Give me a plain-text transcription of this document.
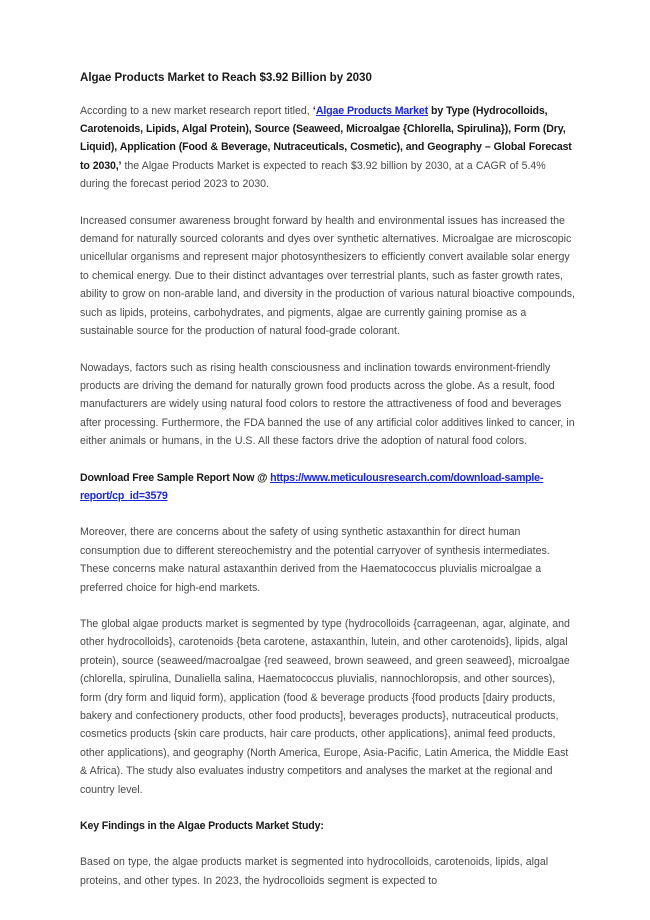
Algae Products Market to Reach $3.92 Billion by 2030

According to a new market research report titled, ‘Algae Products Market by Type (Hydrocolloids, Carotenoids, Lipids, Algal Protein), Source (Seaweed, Microalgae {Chlorella, Spirulina}), Form (Dry, Liquid), Application (Food & Beverage, Nutraceuticals, Cosmetic), and Geography – Global Forecast to 2030,’ the Algae Products Market is expected to reach $3.92 billion by 2030, at a CAGR of 5.4% during the forecast period 2023 to 2030.

Increased consumer awareness brought forward by health and environmental issues has increased the demand for naturally sourced colorants and dyes over synthetic alternatives. Microalgae are microscopic unicellular organisms and represent major photosynthesizers to efficiently convert available solar energy to chemical energy. Due to their distinct advantages over terrestrial plants, such as faster growth rates, ability to grow on non-arable land, and diversity in the production of various natural bioactive compounds, such as lipids, proteins, carbohydrates, and pigments, algae are currently gaining promise as a sustainable source for the production of natural food-grade colorant.

Nowadays, factors such as rising health consciousness and inclination towards environment-friendly products are driving the demand for naturally grown food products across the globe. As a result, food manufacturers are widely using natural food colors to restore the attractiveness of food and beverages after processing. Furthermore, the FDA banned the use of any artificial color additives linked to cancer, in either animals or humans, in the U.S. All these factors drive the adoption of natural food colors.

Download Free Sample Report Now @ https://www.meticulousresearch.com/download-sample-report/cp_id=3579

Moreover, there are concerns about the safety of using synthetic astaxanthin for direct human consumption due to different stereochemistry and the potential carryover of synthesis intermediates. These concerns make natural astaxanthin derived from the Haematococcus pluvialis microalgae a preferred choice for high-end markets.

The global algae products market is segmented by type (hydrocolloids {carrageenan, agar, alginate, and other hydrocolloids}, carotenoids {beta carotene, astaxanthin, lutein, and other carotenoids}, lipids, algal protein), source (seaweed/macroalgae {red seaweed, brown seaweed, and green seaweed}, microalgae (chlorella, spirulina, Dunaliella salina, Haematococcus pluvialis, nannochloropsis, and other sources), form (dry form and liquid form), application (food & beverage products {food products [dairy products, bakery and confectionery products, other food products], beverages products}, nutraceutical products, cosmetics products {skin care products, hair care products, other applications}, animal feed products, other applications), and geography (North America, Europe, Asia-Pacific, Latin America, the Middle East & Africa). The study also evaluates industry competitors and analyses the market at the regional and country level.

Key Findings in the Algae Products Market Study:

Based on type, the algae products market is segmented into hydrocolloids, carotenoids, lipids, algal proteins, and other types. In 2023, the hydrocolloids segment is expected to
